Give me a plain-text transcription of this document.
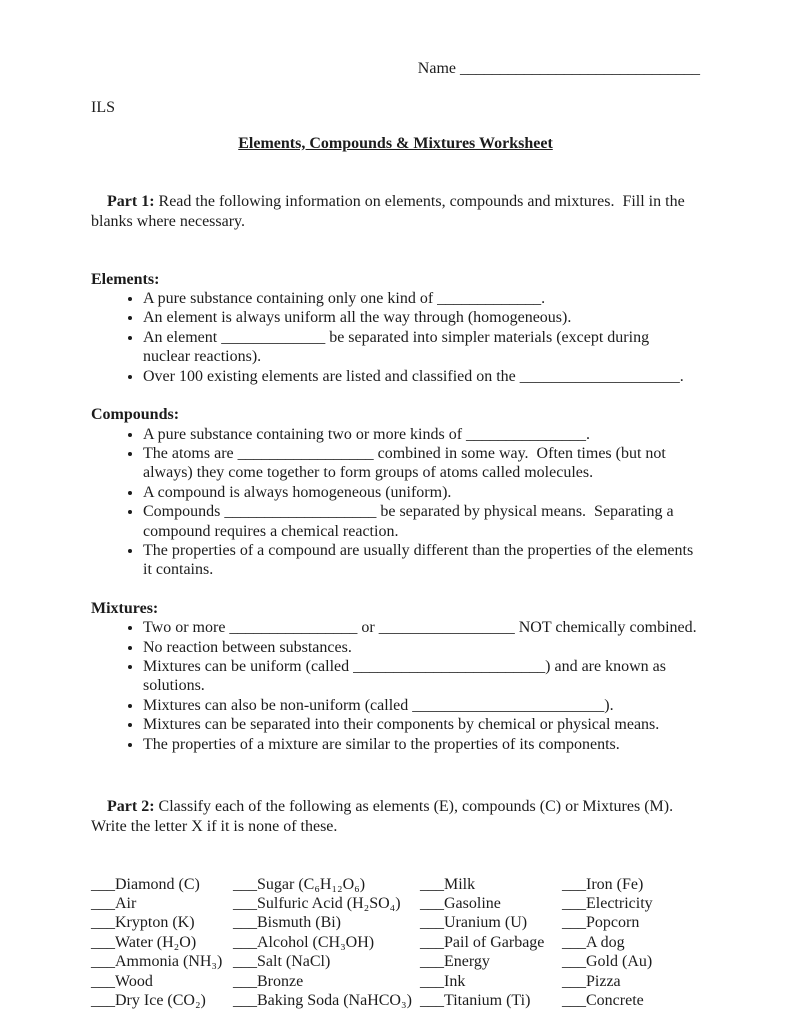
Name ______________________________

ILS
Elements, Compounds & Mixtures Worksheet

Part 1: Read the following information on elements, compounds and mixtures.  Fill in the blanks where necessary.

Elements:
• A pure substance containing only one kind of _____________.
• An element is always uniform all the way through (homogeneous).
• An element _____________ be separated into simpler materials (except during nuclear reactions).
• Over 100 existing elements are listed and classified on the ____________________.
Compounds:
• A pure substance containing two or more kinds of _______________.
• The atoms are _________________ combined in some way.  Often times (but not always) they come together to form groups of atoms called molecules.
• A compound is always homogeneous (uniform).
• Compounds ___________________ be separated by physical means.  Separating a compound requires a chemical reaction.
• The properties of a compound are usually different than the properties of the elements it contains.
Mixtures:
• Two or more ________________ or _________________ NOT chemically combined.
• No reaction between substances.
• Mixtures can be uniform (called ________________________) and are known as solutions.
• Mixtures can also be non-uniform (called ________________________).
• Mixtures can be separated into their components by chemical or physical means.
• The properties of a mixture are similar to the properties of its components.

Part 2: Classify each of the following as elements (E), compounds (C) or Mixtures (M).  Write the letter X if it is none of these.

___Diamond (C)
___Air
___Krypton (K)
___Water (H₂O)
___Ammonia (NH₃)
___Wood
___Dry Ice (CO₂)
___Sugar (C₆H₁₂O₆)
___Sulfuric Acid (H₂SO₄)
___Bismuth (Bi)
___Alcohol (CH₃OH)
___Salt (NaCl)
___Bronze
___Baking Soda (NaHCO₃)
___Milk
___Gasoline
___Uranium (U)
___Pail of Garbage
___Energy
___Ink
___Titanium (Ti)
___Iron (Fe)
___Electricity
___Popcorn
___A dog
___Gold (Au)
___Pizza
___Concrete
